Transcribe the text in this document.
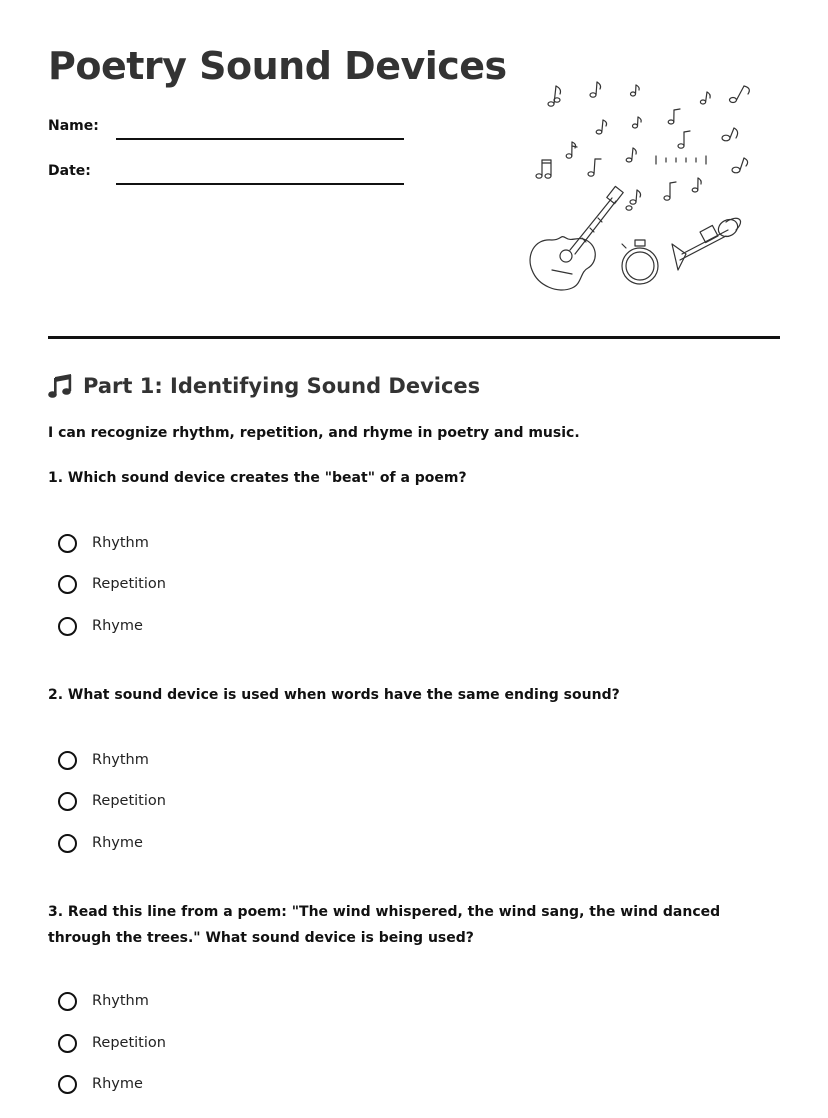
Poetry Sound Devices
Name:
Date:
Part 1: Identifying Sound Devices

I can recognize rhythm, repetition, and rhyme in poetry and music.

1. Which sound device creates the "beat" of a poem?

Rhythm
Repetition
Rhyme

2. What sound device is used when words have the same ending sound?

Rhythm
Repetition
Rhyme

3. Read this line from a poem: "The wind whispered, the wind sang, the wind danced through the trees." What sound device is being used?

Rhythm
Repetition
Rhyme
